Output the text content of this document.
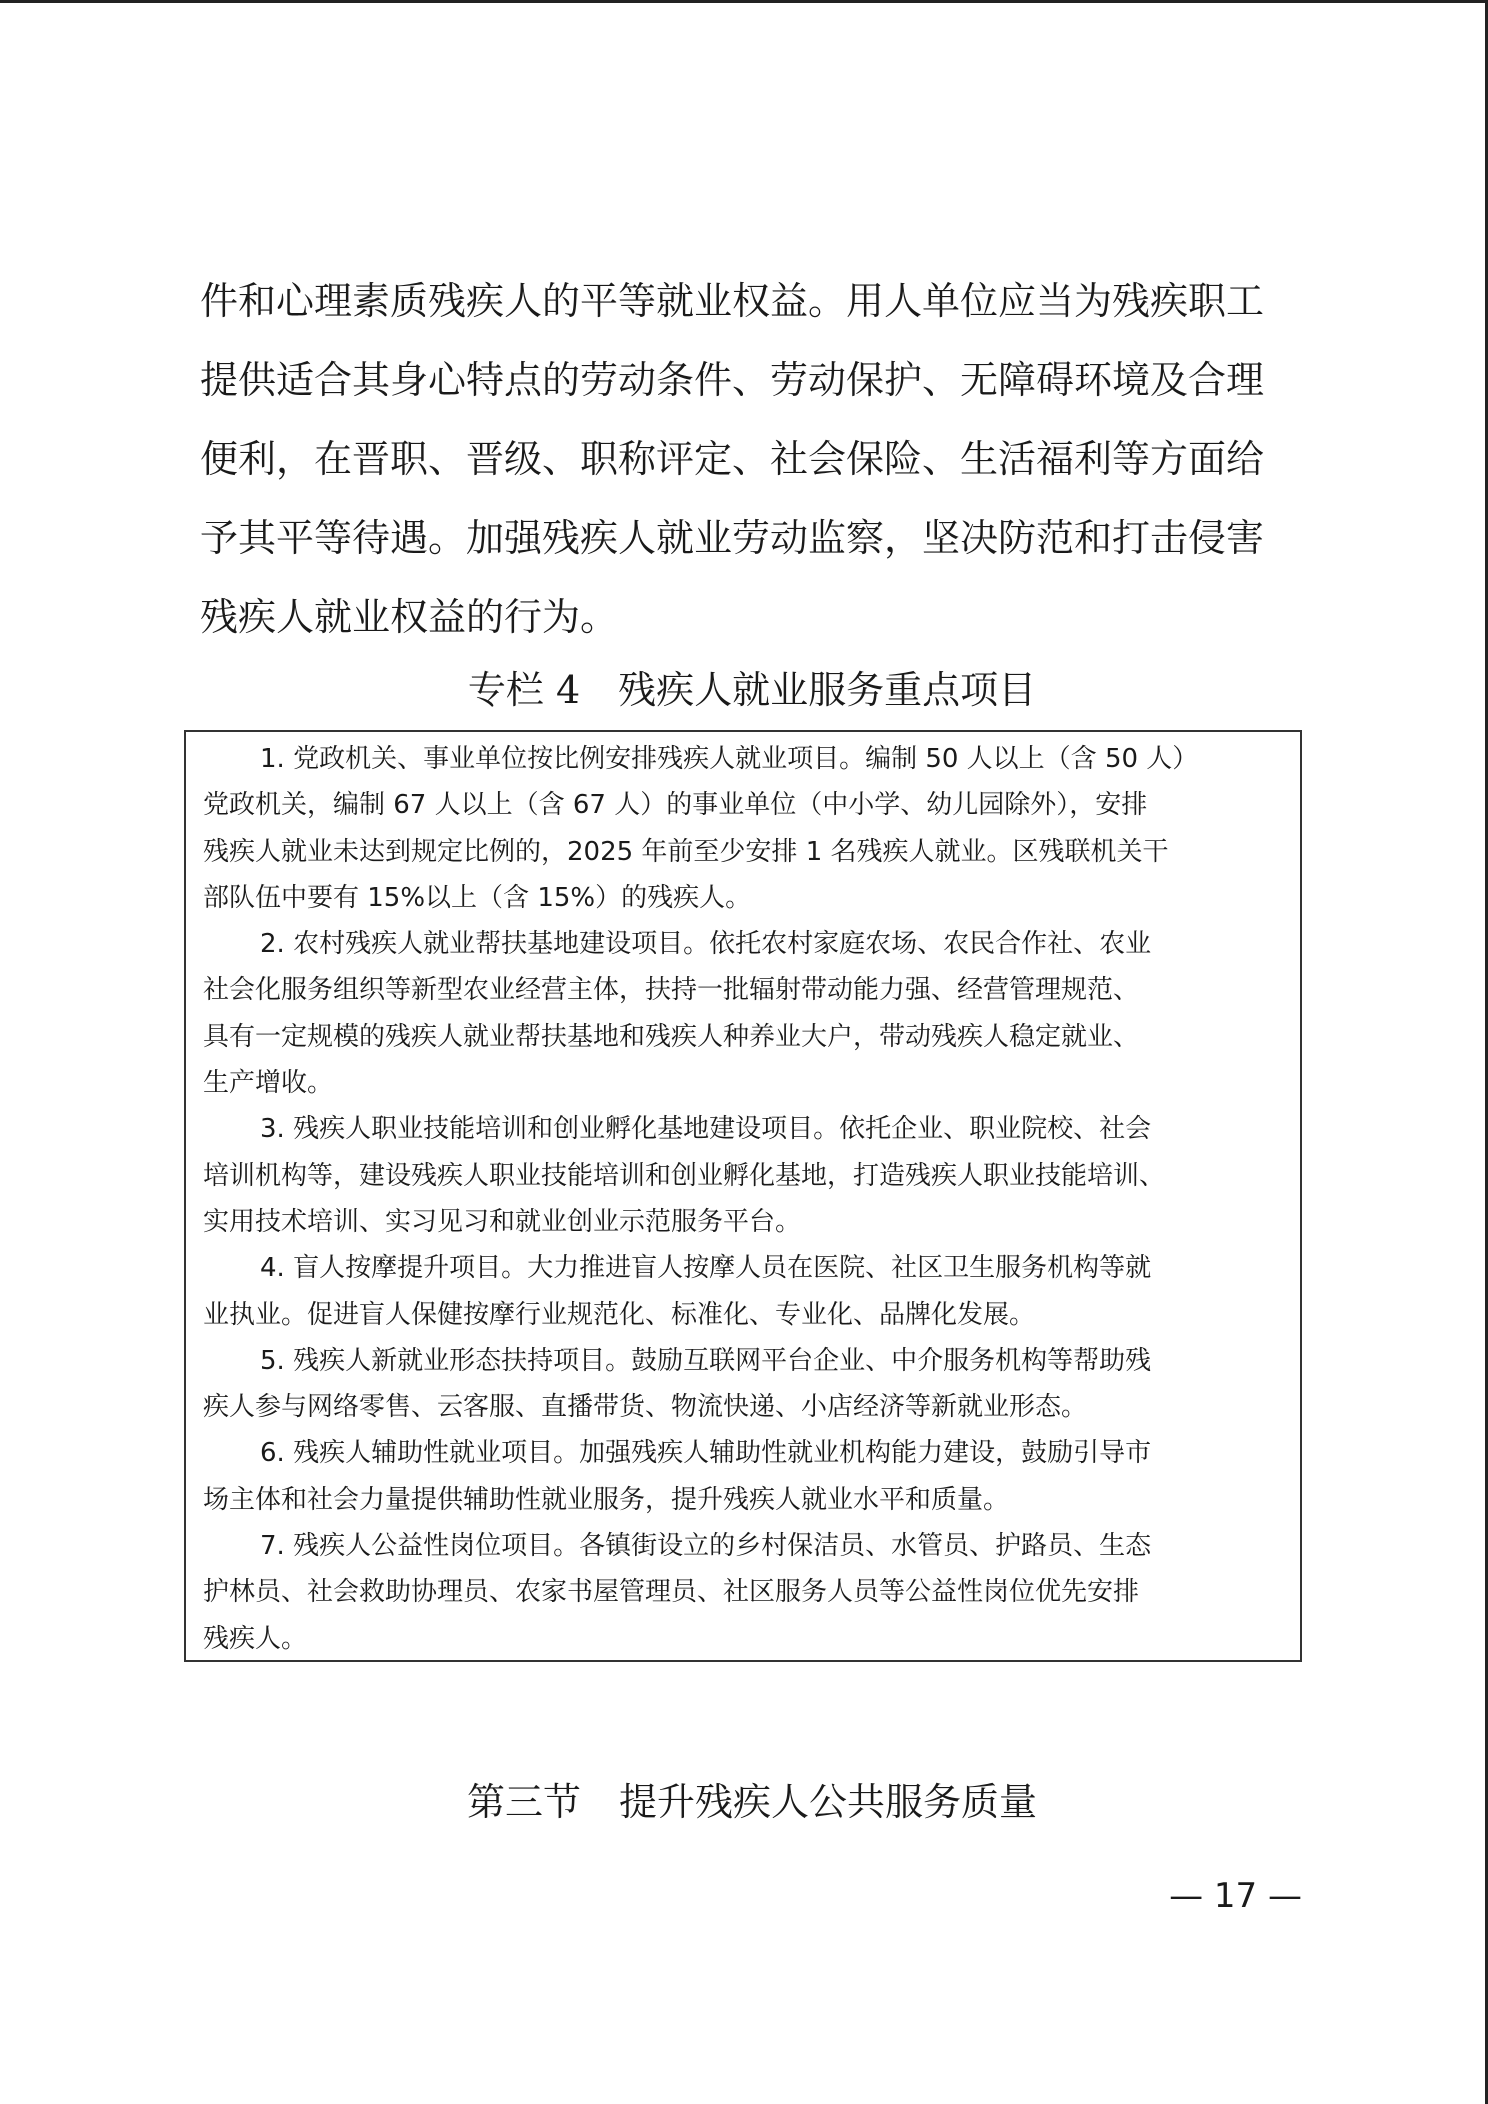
件和心理素质残疾人的平等就业权益。用人单位应当为残疾职工
提供适合其身心特点的劳动条件、劳动保护、无障碍环境及合理
便利，在晋职、晋级、职称评定、社会保险、生活福利等方面给
予其平等待遇。加强残疾人就业劳动监察，坚决防范和打击侵害
残疾人就业权益的行为。
专栏 4　残疾人就业服务重点项目
1. 党政机关、事业单位按比例安排残疾人就业项目。编制 50 人以上（含 50 人）
党政机关，编制 67 人以上（含 67 人）的事业单位（中小学、幼儿园除外），安排
残疾人就业未达到规定比例的，2025 年前至少安排 1 名残疾人就业。区残联机关干
部队伍中要有 15%以上（含 15%）的残疾人。
2. 农村残疾人就业帮扶基地建设项目。依托农村家庭农场、农民合作社、农业
社会化服务组织等新型农业经营主体，扶持一批辐射带动能力强、经营管理规范、
具有一定规模的残疾人就业帮扶基地和残疾人种养业大户，带动残疾人稳定就业、
生产增收。
3. 残疾人职业技能培训和创业孵化基地建设项目。依托企业、职业院校、社会
培训机构等，建设残疾人职业技能培训和创业孵化基地，打造残疾人职业技能培训、
实用技术培训、实习见习和就业创业示范服务平台。
4. 盲人按摩提升项目。大力推进盲人按摩人员在医院、社区卫生服务机构等就
业执业。促进盲人保健按摩行业规范化、标准化、专业化、品牌化发展。
5. 残疾人新就业形态扶持项目。鼓励互联网平台企业、中介服务机构等帮助残
疾人参与网络零售、云客服、直播带货、物流快递、小店经济等新就业形态。
6. 残疾人辅助性就业项目。加强残疾人辅助性就业机构能力建设，鼓励引导市
场主体和社会力量提供辅助性就业服务，提升残疾人就业水平和质量。
7. 残疾人公益性岗位项目。各镇街设立的乡村保洁员、水管员、护路员、生态
护林员、社会救助协理员、农家书屋管理员、社区服务人员等公益性岗位优先安排
残疾人。
第三节　提升残疾人公共服务质量
— 17 —
